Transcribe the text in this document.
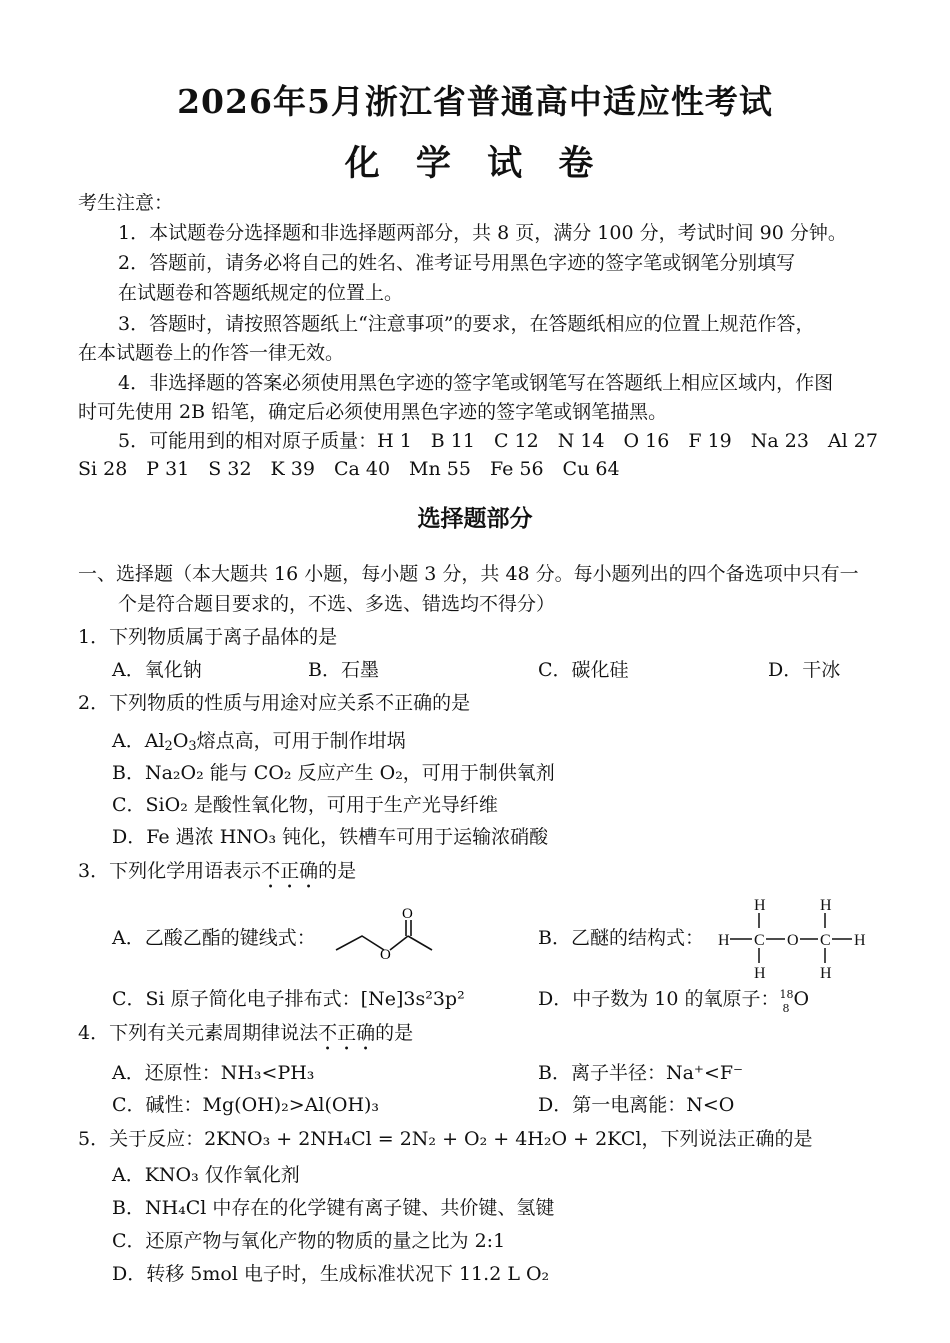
2026年5月浙江省普通高中适应性考试
化 学 试 卷
考生注意：
1．本试题卷分选择题和非选择题两部分，共 8 页，满分 100 分，考试时间 90 分钟。
2．答题前，请务必将自己的姓名、准考证号用黑色字迹的签字笔或钢笔分别填写
在试题卷和答题纸规定的位置上。
3．答题时，请按照答题纸上“注意事项”的要求，在答题纸相应的位置上规范作答，
在本试题卷上的作答一律无效。
4．非选择题的答案必须使用黑色字迹的签字笔或钢笔写在答题纸上相应区域内，作图
时可先使用 2B 铅笔，确定后必须使用黑色字迹的签字笔或钢笔描黑。
5．可能用到的相对原子质量：H 1　B 11　C 12　N 14　O 16　F 19　Na 23　Al 27
Si 28　P 31　S 32　K 39　Ca 40　Mn 55　Fe 56　Cu 64
选择题部分
一、选择题（本大题共 16 小题，每小题 3 分，共 48 分。每小题列出的四个备选项中只有一
个是符合题目要求的，不选、多选、错选均不得分）
1．下列物质属于离子晶体的是
A．氧化钠	B．石墨	C．碳化硅	D．干冰
2．下列物质的性质与用途对应关系不正确的是
A．$Al_2O_3$熔点高，可用于制作坩埚
B．Na₂O₂ 能与 CO₂ 反应产生 O₂，可用于制供氧剂
C．SiO₂ 是酸性氧化物，可用于生产光导纤维
D．Fe 遇浓 HNO₃ 钝化，铁槽车可用于运输浓硝酸
3．下列化学用语表示不正确的是
A．乙酸乙酯的键线式：
O
O
B．乙醚的结构式：
H	H
H C O C H
H	H
C．Si 原子简化电子排布式：[Ne]3s²3p²	D．中子数为 10 的氧原子： 18
8 O
4．下列有关元素周期律说法不正确的是
A．还原性：NH₃<PH₃	B．离子半径：Na⁺<F⁻
C．碱性：Mg(OH)₂>Al(OH)₃	D．第一电离能：N<O
5．关于反应：2KNO₃ + 2NH₄Cl = 2N₂ + O₂ + 4H₂O + 2KCl，下列说法正确的是
A．KNO₃ 仅作氧化剂
B．NH₄Cl 中存在的化学键有离子键、共价键、氢键
C．还原产物与氧化产物的物质的量之比为 2:1
D．转移 5mol 电子时，生成标准状况下 11.2 L O₂
